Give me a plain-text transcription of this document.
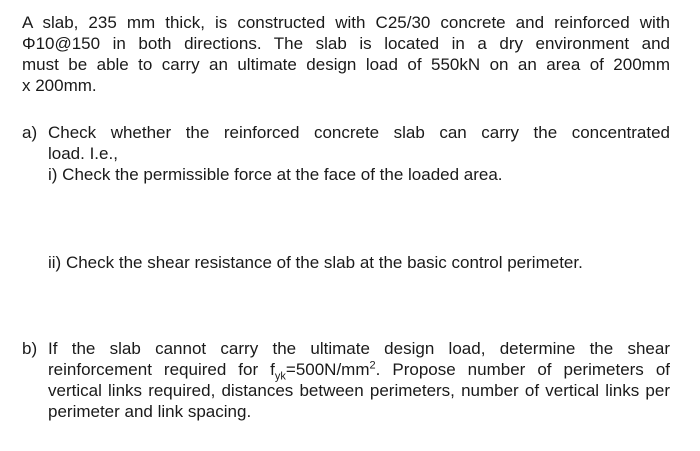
A slab, 235 mm thick, is constructed with C25/30 concrete and reinforced with
Φ10@150 in both directions. The slab is located in a dry environment and
must be able to carry an ultimate design load of 550kN on an area of 200mm
x 200mm.
a) Check whether the reinforced concrete slab can carry the concentrated
load. I.e.,
i) Check the permissible force at the face of the loaded area.
ii) Check the shear resistance of the slab at the basic control perimeter.
b) If the slab cannot carry the ultimate design load, determine the shear reinforcement required for $f_{yk}=500N/mm^2$. Propose number of perimeters of vertical links required, distances between perimeters, number of vertical links per perimeter and link spacing.
